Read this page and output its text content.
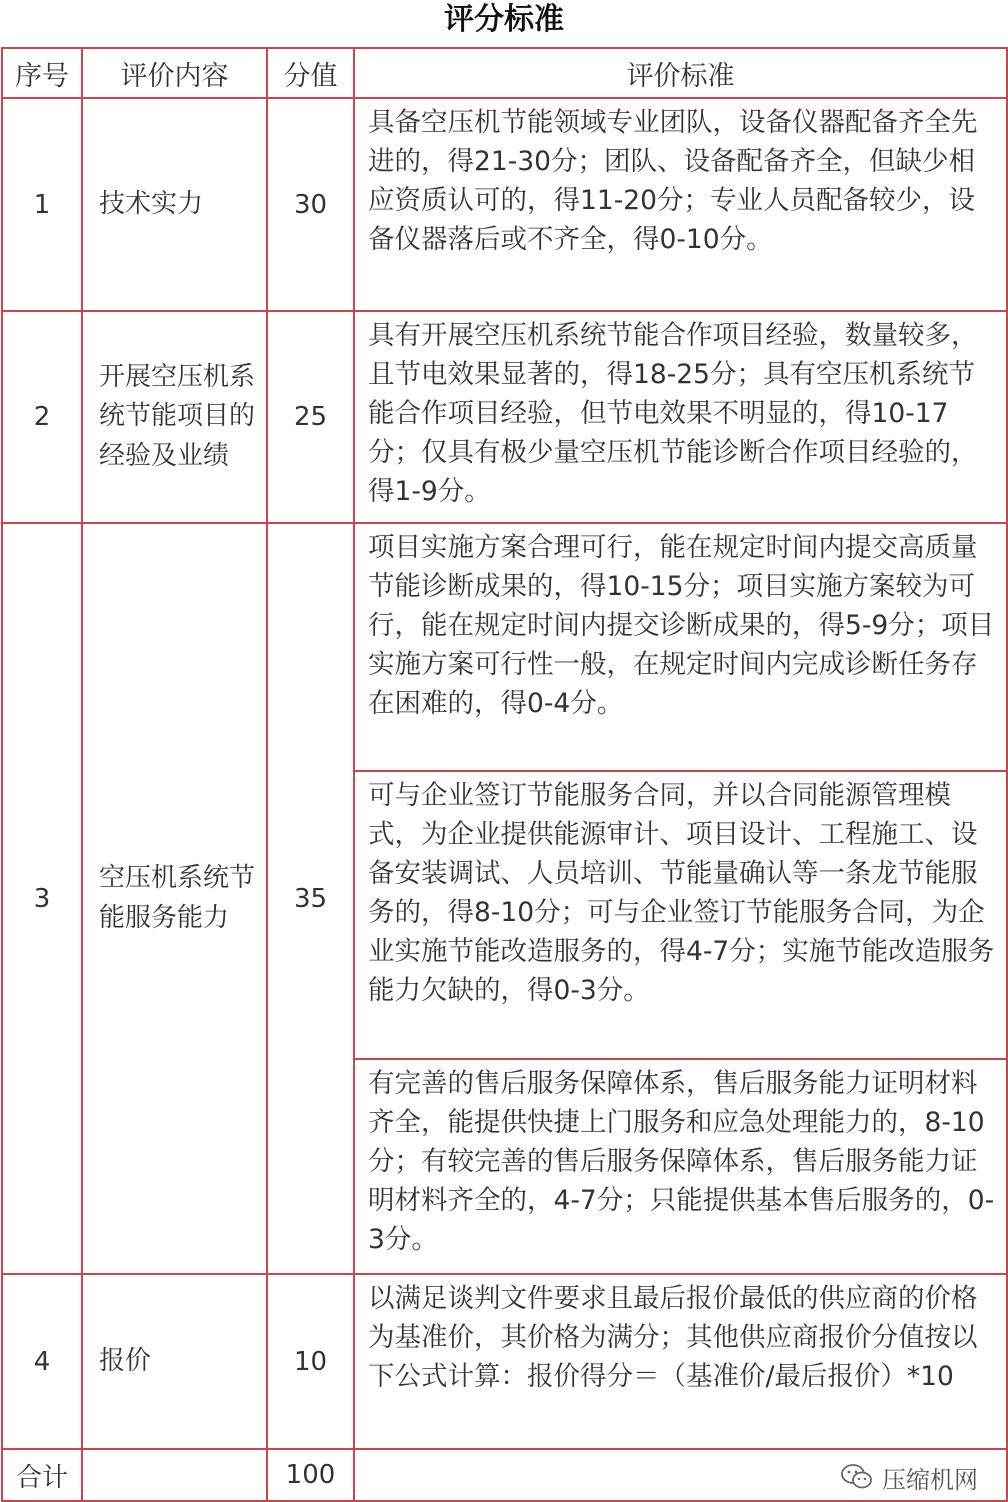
评分标准
序号	评价内容	分值	评价标准
1	技术实力	30	具备空压机节能领域专业团队，设备仪器配备齐全先进的，得21-30分；团队、设备配备齐全，但缺少相应资质认可的，得11-20分；专业人员配备较少，设备仪器落后或不齐全，得0-10分。
2	开展空压机系统节能项目的经验及业绩	25	具有开展空压机系统节能合作项目经验，数量较多，且节电效果显著的，得18-25分；具有空压机系统节能合作项目经验，但节电效果不明显的，得10-17分；仅具有极少量空压机节能诊断合作项目经验的，得1-9分。
3	空压机系统节能服务能力	35	项目实施方案合理可行，能在规定时间内提交高质量节能诊断成果的，得10-15分；项目实施方案较为可行，能在规定时间内提交诊断成果的，得5-9分；项目实施方案可行性一般，在规定时间内完成诊断任务存在困难的，得0-4分。
			可与企业签订节能服务合同，并以合同能源管理模式，为企业提供能源审计、项目设计、工程施工、设备安装调试、人员培训、节能量确认等一条龙节能服务的，得8-10分；可与企业签订节能服务合同，为企业实施节能改造服务的，得4-7分；实施节能改造服务能力欠缺的，得0-3分。
			有完善的售后服务保障体系，售后服务能力证明材料齐全，能提供快捷上门服务和应急处理能力的，8-10分；有较完善的售后服务保障体系，售后服务能力证明材料齐全的，4-7分；只能提供基本售后服务的，0-3分。
4	报价	10	以满足谈判文件要求且最后报价最低的供应商的价格为基准价，其价格为满分；其他供应商报价分值按以下公式计算：报价得分＝（基准价/最后报价）*10
合计		100		压缩机网
